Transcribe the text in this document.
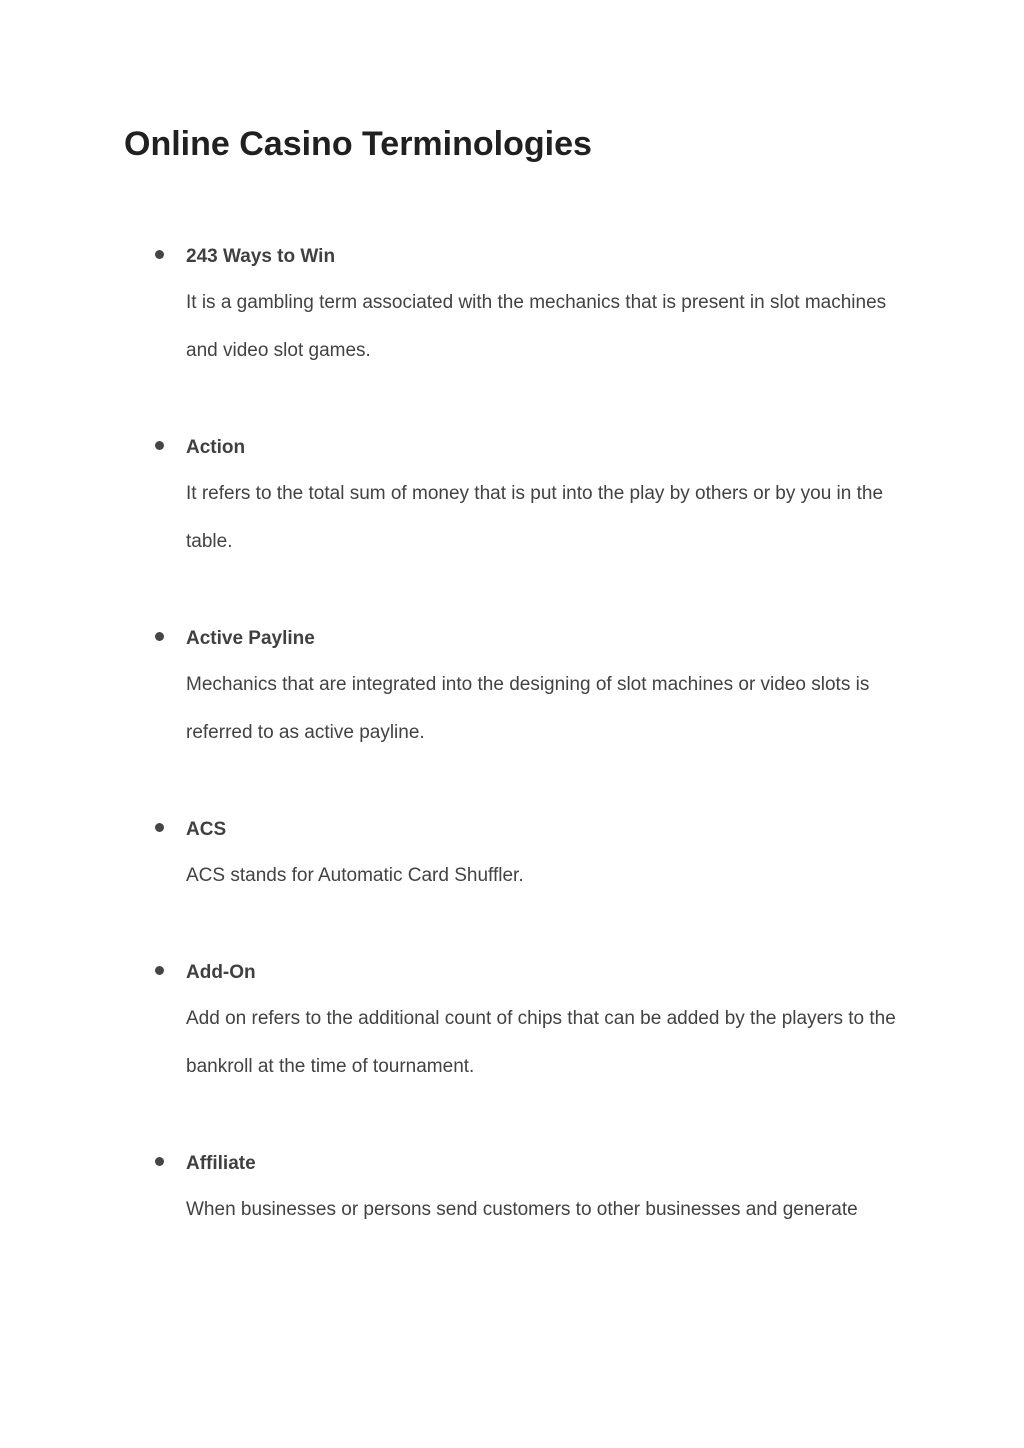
Online Casino Terminologies
243 Ways to Win

It is a gambling term associated with the mechanics that is present in slot machines and video slot games.

Action

It refers to the total sum of money that is put into the play by others or by you in the table.

Active Payline

Mechanics that are integrated into the designing of slot machines or video slots is referred to as active payline.

ACS

ACS stands for Automatic Card Shuffler.

Add-On

Add on refers to the additional count of chips that can be added by the players to the bankroll at the time of tournament.

Affiliate

When businesses or persons send customers to other businesses and generate
